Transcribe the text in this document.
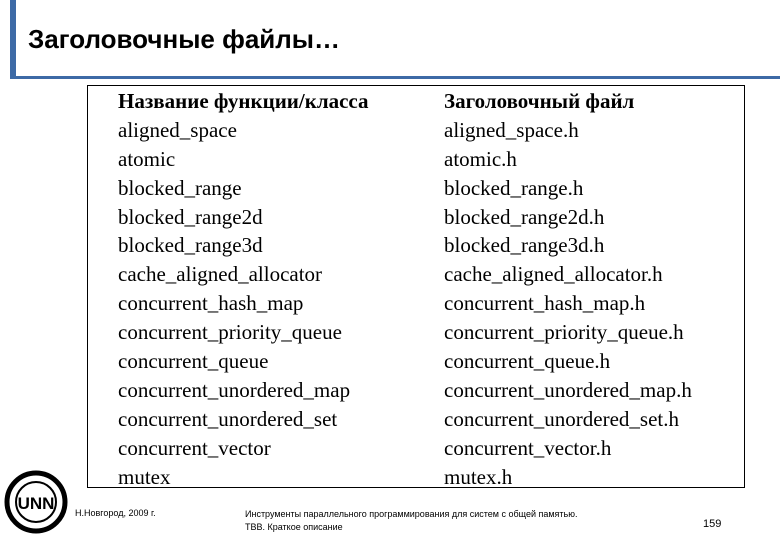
Заголовочные файлы…
Название функции/класса
aligned_space
atomic
blocked_range
blocked_range2d
blocked_range3d
cache_aligned_allocator
concurrent_hash_map
concurrent_priority_queue
concurrent_queue
concurrent_unordered_map
concurrent_unordered_set
concurrent_vector
mutex
Заголовочный файл
aligned_space.h
atomic.h
blocked_range.h
blocked_range2d.h
blocked_range3d.h
cache_aligned_allocator.h
concurrent_hash_map.h
concurrent_priority_queue.h
concurrent_queue.h
concurrent_unordered_map.h
concurrent_unordered_set.h
concurrent_vector.h
mutex.h
UNN Н.Новгород, 2009 г.	Инструменты параллельного программирования для систем с общей памятью.
ТВВ. Краткое описание	159
